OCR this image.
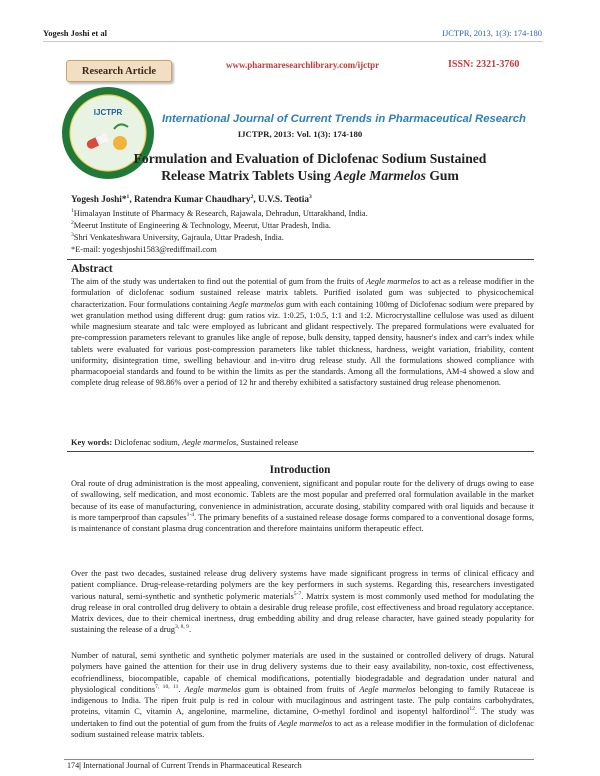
Yogesh Joshi et al	IJCTPR, 2013, 1(3): 174-180
Research Article
www.pharmaresearchlibrary.com/ijctpr	ISSN: 2321-3760
IJCTPR
International Journal of Current Trends in Pharmaceutical Research
IJCTPR, 2013: Vol. 1(3): 174-180
Formulation and Evaluation of Diclofenac Sodium Sustained
Release Matrix Tablets Using Aegle Marmelos Gum
Yogesh Joshi*$^1$, Ratendra Kumar Chaudhary$^2$, U.V.S. Teotia$^3$
$^1$Himalayan Institute of Pharmacy & Research, Rajawala, Dehradun, Uttarakhand, India.
$^2$Meerut Institute of Engineering & Technology, Meerut, Uttar Pradesh, India.
$^3$Shri Venkateshwara University, Gajraula, Uttar Pradesh, India.
*E-mail: yogeshjoshi1583@rediffmail.com
Abstract
The aim of the study was undertaken to find out the potential of gum from the fruits of Aegle marmelos to act as a release modifier in the formulation of diclofenac sodium sustained release matrix tablets. Purified isolated gum was subjected to physicochemical characterization. Four formulations containing Aegle marmelos gum with each containing 100mg of Diclofenac sodium were prepared by wet granulation method using different drug: gum ratios viz. 1:0.25, 1:0.5, 1:1 and 1:2. Microcrystalline cellulose was used as diluent while magnesium stearate and talc were employed as lubricant and glidant respectively. The prepared formulations were evaluated for pre-compression parameters relevant to granules like angle of repose, bulk density, tapped density, hausner's index and carr's index while tablets were evaluated for various post-compression parameters like tablet thickness, hardness, weight variation, friability, content uniformity, disintegration time, swelling behaviour and in-vitro drug release study. All the formulations showed compliance with pharmacopoeial standards and found to be within the limits as per the standards. Among all the formulations, AM-4 showed a slow and complete drug release of 98.86% over a period of 12 hr and thereby exhibited a satisfactory sustained drug release phenomenon.
Key words: Diclofenac sodium, Aegle marmelos, Sustained release
Introduction
Oral route of drug administration is the most appealing, convenient, significant and popular route for the delivery of drugs owing to ease of swallowing, self medication, and most economic. Tablets are the most popular and preferred oral formulation available in the market because of its ease of manufacturing, convenience in administration, accurate dosing, stability compared with oral liquids and because it is more tamperproof than capsules$^{1-4}$. The primary benefits of a sustained release dosage forms compared to a conventional dosage forms, is maintenance of constant plasma drug concentration and therefore maintains uniform therapeutic effect.
Over the past two decades, sustained release drug delivery systems have made significant progress in terms of clinical efficacy and patient compliance. Drug-release-retarding polymers are the key performers in such systems. Regarding this, researchers investigated various natural, semi-synthetic and synthetic polymeric materials$^{5-7}$. Matrix system is most commonly used method for modulating the drug release in oral controlled drug delivery to obtain a desirable drug release profile, cost effectiveness and broad regulatory acceptance. Matrix devices, due to their chemical inertness, drug embedding ability and drug release character, have gained steady popularity for sustaining the release of a drug$^{3, 8, 9}$.
Number of natural, semi synthetic and synthetic polymer materials are used in the sustained or controlled delivery of drugs. Natural polymers have gained the attention for their use in drug delivery systems due to their easy availability, non-toxic, cost effectiveness, ecofriendliness, biocompatible, capable of chemical modifications, potentially biodegradable and degradation under natural and physiological conditions$^{7, 10, 11}$. Aegle marmelos gum is obtained from fruits of Aegle marmelos belonging to family Rutaceae is indigenous to India. The ripen fruit pulp is red in colour with mucilaginous and astringent taste. The pulp contains carbohydrates, proteins, vitamin C, vitamin A, angelonine, marmeline, dictamine, O-methyl fordinol and isopentyl halfordinol$^{12}$. The study was undertaken to find out the potential of gum from the fruits of Aegle marmelos to act as a release modifier in the formulation of diclofenac sodium sustained release matrix tablets.
174| International Journal of Current Trends in Pharmaceutical Research
